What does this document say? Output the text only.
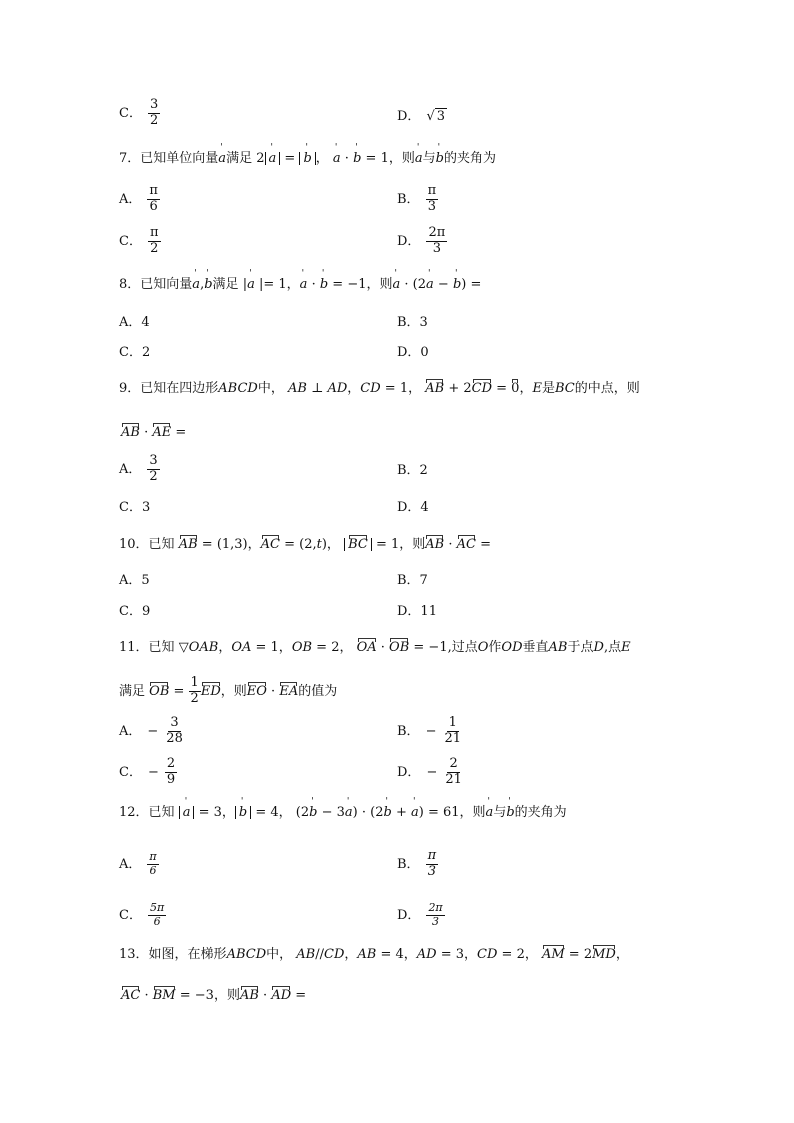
C． $\frac{3}{2}$	D． √ 3
7．已知单位向量' a满足 2 ' a = ' b ， ' a · ' b = 1，则' a与' b的夹角为
A． $\frac{\pi}{6}$	B． $\frac{\pi}{3}$
C． $\frac{\pi}{2}$	D． $\frac{2\pi}{3}$
8．已知向量' a,' b满足 |' a |= 1，' a · ' b = −1，则' a · (2' a − ' b) =
A．4	B．3
C．2	D．0
9．已知在四边形ABCD中， AB ⊥ AD，CD = 1， AB + 2CD = 0，E是BC的中点，则
AB · AE =
A． $\frac{3}{2}$	B．2
C．3	D．4
10．已知 AB = (1,3)，AC = (2,t)， BC = 1，则AB · AC =
A．5	B．7
C．9	D．11
11．已知 ▽OAB，OA = 1，OB = 2， OA · OB = −1,过点O作OD垂直AB于点D,点E
满足 OB = $\frac{1}{2}$ ED，则EO · EA的值为
A． − $\frac{3}{28}$	B． − $\frac{1}{21}$
C． − $\frac{2}{9}$	D． − $\frac{2}{21}$
12．已知 ' a = 3， ' b = 4， (2' b − 3' a) · (2' b + ' a) = 61，则' a与' b的夹角为
A． $\frac{\pi}{6}$	B． $\frac{\pi}{3}$
C． $\frac{5\pi}{6}$	D． $\frac{2\pi}{3}$
13．如图，在梯形ABCD中， AB//CD，AB = 4，AD = 3，CD = 2， AM = 2MD，
AC · BM = −3，则AB · AD =
